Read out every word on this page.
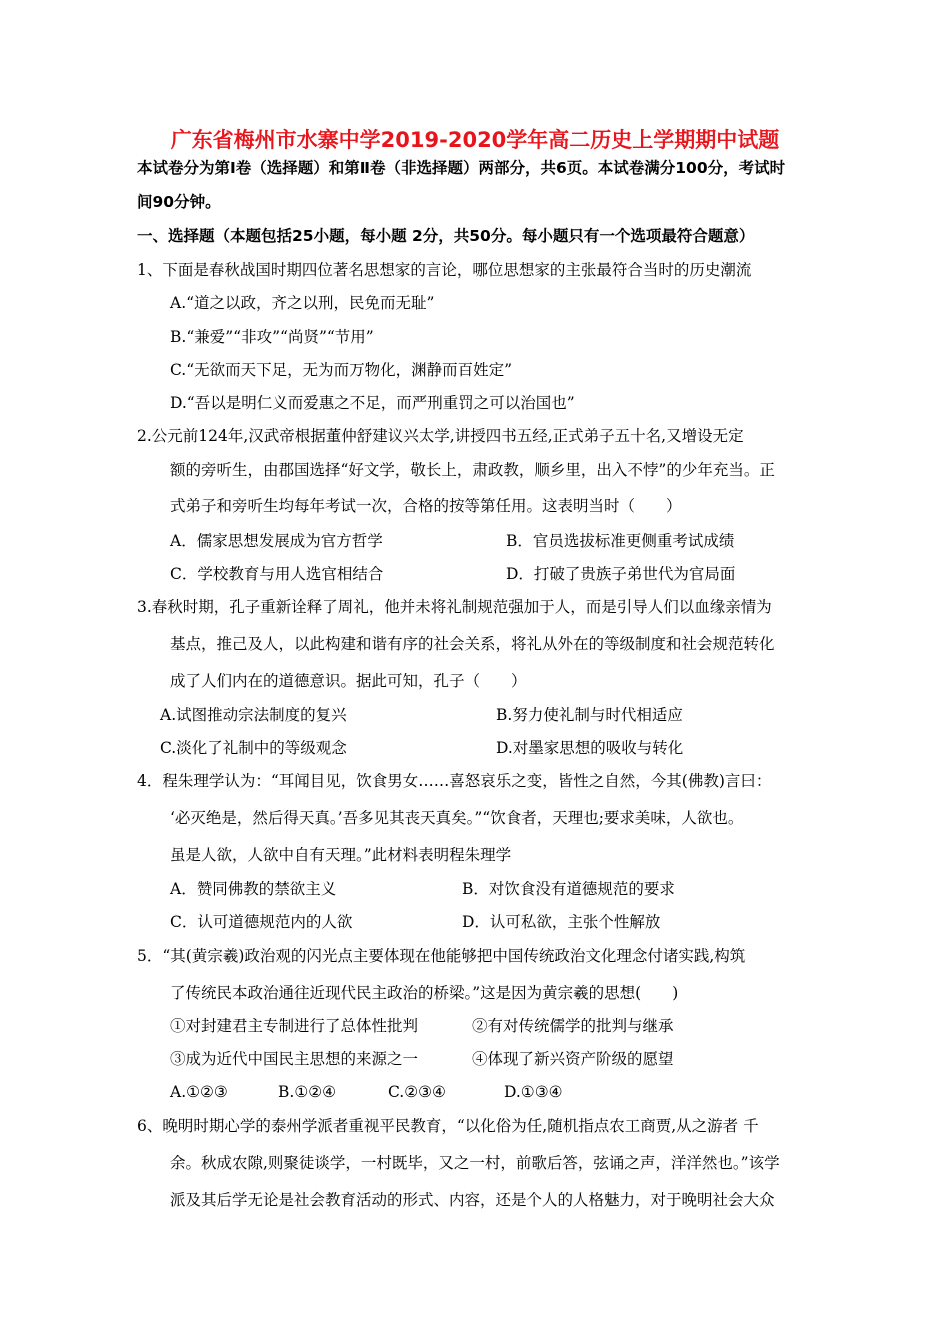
广东省梅州市水寨中学2019-2020学年高二历史上学期期中试题
本试卷分为第Ⅰ卷（选择题）和第Ⅱ卷（非选择题）两部分，共6页。本试卷满分100分，考试时
间90分钟。
一、选择题（本题包括25小题，每小题 2分，共50分。每小题只有一个选项最符合题意）
1、下面是春秋战国时期四位著名思想家的言论，哪位思想家的主张最符合当时的历史潮流
A.“道之以政，齐之以刑，民免而无耻”
B.“兼爱”“非攻”“尚贤”“节用”
C.“无欲而天下足，无为而万物化，渊静而百姓定”
D.“吾以是明仁义而爱惠之不足，而严刑重罚之可以治国也”
2.公元前124年,汉武帝根据董仲舒建议兴太学,讲授四书五经,正式弟子五十名,又增设无定
额的旁听生，由郡国选择“好文学，敬长上，肃政教，顺乡里，出入不悖”的少年充当。正
式弟子和旁听生均每年考试一次，合格的按等第任用。这表明当时（　　）
A．儒家思想发展成为官方哲学	B．官员选拔标准更侧重考试成绩
C．学校教育与用人选官相结合	D．打破了贵族子弟世代为官局面
3.春秋时期，孔子重新诠释了周礼，他并未将礼制规范强加于人，而是引导人们以血缘亲情为
基点，推己及人，以此构建和谐有序的社会关系，将礼从外在的等级制度和社会规范转化
成了人们内在的道德意识。据此可知，孔子（　　）
A.试图推动宗法制度的复兴	B.努力使礼制与时代相适应
C.淡化了礼制中的等级观念	D.对墨家思想的吸收与转化
4．程朱理学认为：“耳闻目见，饮食男女……喜怒哀乐之变，皆性之自然，今其(佛教)言曰：
‘必灭绝是，然后得天真。’吾多见其丧天真矣。”“饮食者，天理也;要求美味，人欲也。
虽是人欲，人欲中自有天理。”此材料表明程朱理学
A．赞同佛教的禁欲主义	B．对饮食没有道德规范的要求
C．认可道德规范内的人欲	D．认可私欲，主张个性解放
5．“其(黄宗羲)政治观的闪光点主要体现在他能够把中国传统政治文化理念付诸实践,构筑
了传统民本政治通往近现代民主政治的桥梁。”这是因为黄宗羲的思想(　　)
①对封建君主专制进行了总体性批判	②有对传统儒学的批判与继承
③成为近代中国民主思想的来源之一	④体现了新兴资产阶级的愿望
A.①②③	B.①②④	C.②③④	D.①③④
6、晚明时期心学的泰州学派者重视平民教育，“以化俗为任,随机指点农工商贾,从之游者 千
余。秋成农隙,则聚徒谈学，一村既毕，又之一村，前歌后答，弦诵之声，洋洋然也。”该学
派及其后学无论是社会教育活动的形式、内容，还是个人的人格魅力，对于晚明社会大众
